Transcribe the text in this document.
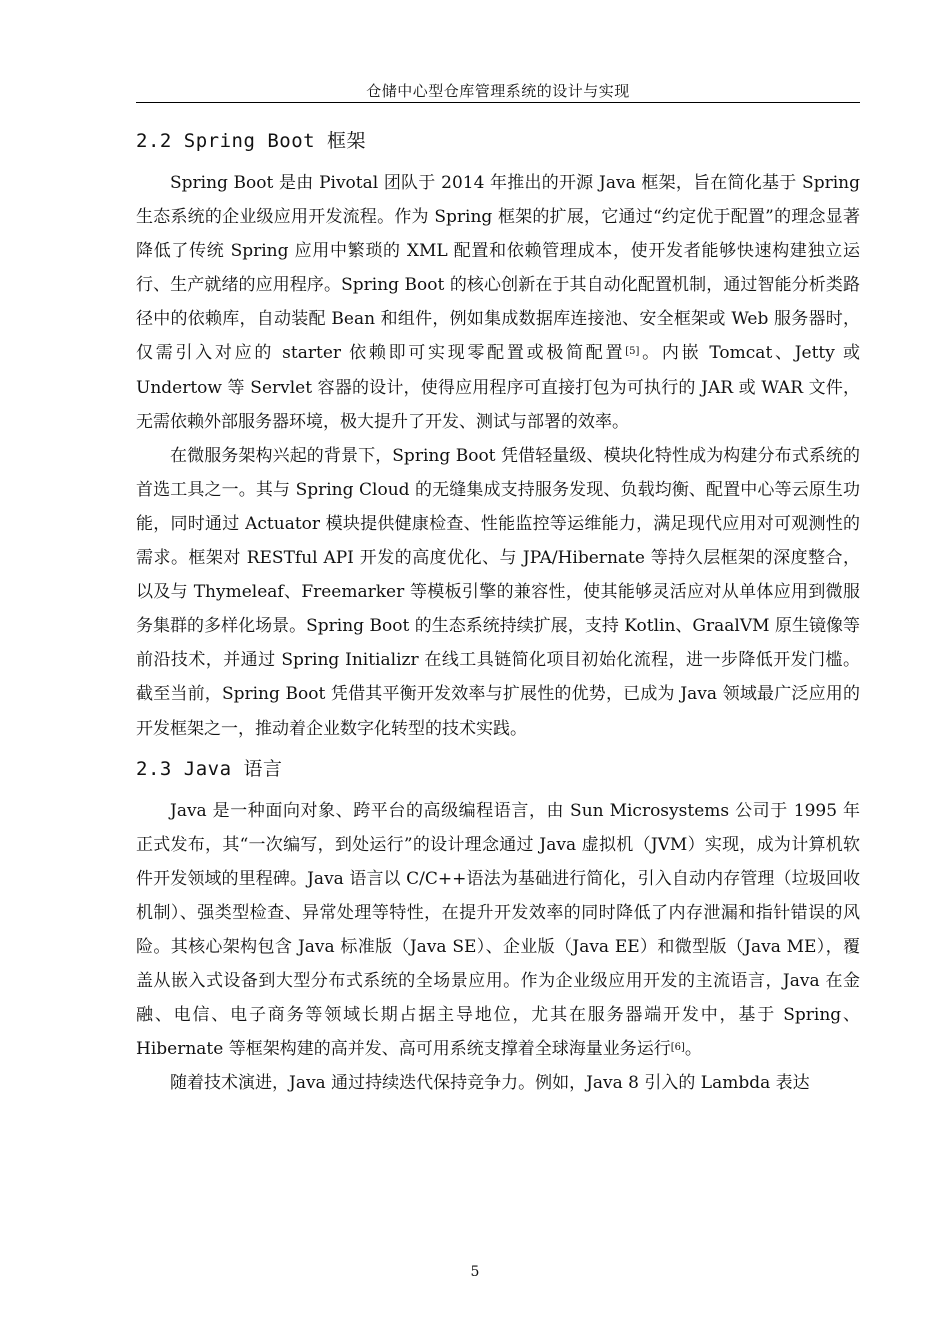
仓储中心型仓库管理系统的设计与实现
2.2 Spring Boot 框架

Spring Boot 是由 Pivotal 团队于 2014 年推出的开源 Java 框架，旨在简化基于 Spring 生态系统的企业级应用开发流程。作为 Spring 框架的扩展，它通过“约定优于配置”的理念显著降低了传统 Spring 应用中繁琐的 XML 配置和依赖管理成本，使开发者能够快速构建独立运行、生产就绪的应用程序。Spring Boot 的核心创新在于其自动化配置机制，通过智能分析类路径中的依赖库，自动装配 Bean 和组件，例如集成数据库连接池、安全框架或 Web 服务器时，仅需引入对应的 starter 依赖即可实现零配置或极简配置[5]。内嵌 Tomcat、Jetty 或 Undertow 等 Servlet 容器的设计，使得应用程序可直接打包为可执行的 JAR 或 WAR 文件，无需依赖外部服务器环境，极大提升了开发、测试与部署的效率。

在微服务架构兴起的背景下，Spring Boot 凭借轻量级、模块化特性成为构建分布式系统的首选工具之一。其与 Spring Cloud 的无缝集成支持服务发现、负载均衡、配置中心等云原生功能，同时通过 Actuator 模块提供健康检查、性能监控等运维能力，满足现代应用对可观测性的需求。框架对 RESTful API 开发的高度优化、与 JPA/Hibernate 等持久层框架的深度整合，以及与 Thymeleaf、Freemarker 等模板引擎的兼容性，使其能够灵活应对从单体应用到微服务集群的多样化场景。Spring Boot 的生态系统持续扩展，支持 Kotlin、GraalVM 原生镜像等前沿技术，并通过 Spring Initializr 在线工具链简化项目初始化流程，进一步降低开发门槛。截至当前，Spring Boot 凭借其平衡开发效率与扩展性的优势，已成为 Java 领域最广泛应用的开发框架之一，推动着企业数字化转型的技术实践。

2.3 Java 语言

Java 是一种面向对象、跨平台的高级编程语言，由 Sun Microsystems 公司于 1995 年正式发布，其“一次编写，到处运行”的设计理念通过 Java 虚拟机（JVM）实现，成为计算机软件开发领域的里程碑。Java 语言以 C/C++语法为基础进行简化，引入自动内存管理（垃圾回收机制）、强类型检查、异常处理等特性，在提升开发效率的同时降低了内存泄漏和指针错误的风险。其核心架构包含 Java 标准版（Java SE）、企业版（Java EE）和微型版（Java ME），覆盖从嵌入式设备到大型分布式系统的全场景应用。作为企业级应用开发的主流语言，Java 在金融、电信、电子商务等领域长期占据主导地位，尤其在服务器端开发中，基于 Spring、Hibernate 等框架构建的高并发、高可用系统支撑着全球海量业务运行[6]。

随着技术演进，Java 通过持续迭代保持竞争力。例如，Java 8 引入的 Lambda 表达

5
